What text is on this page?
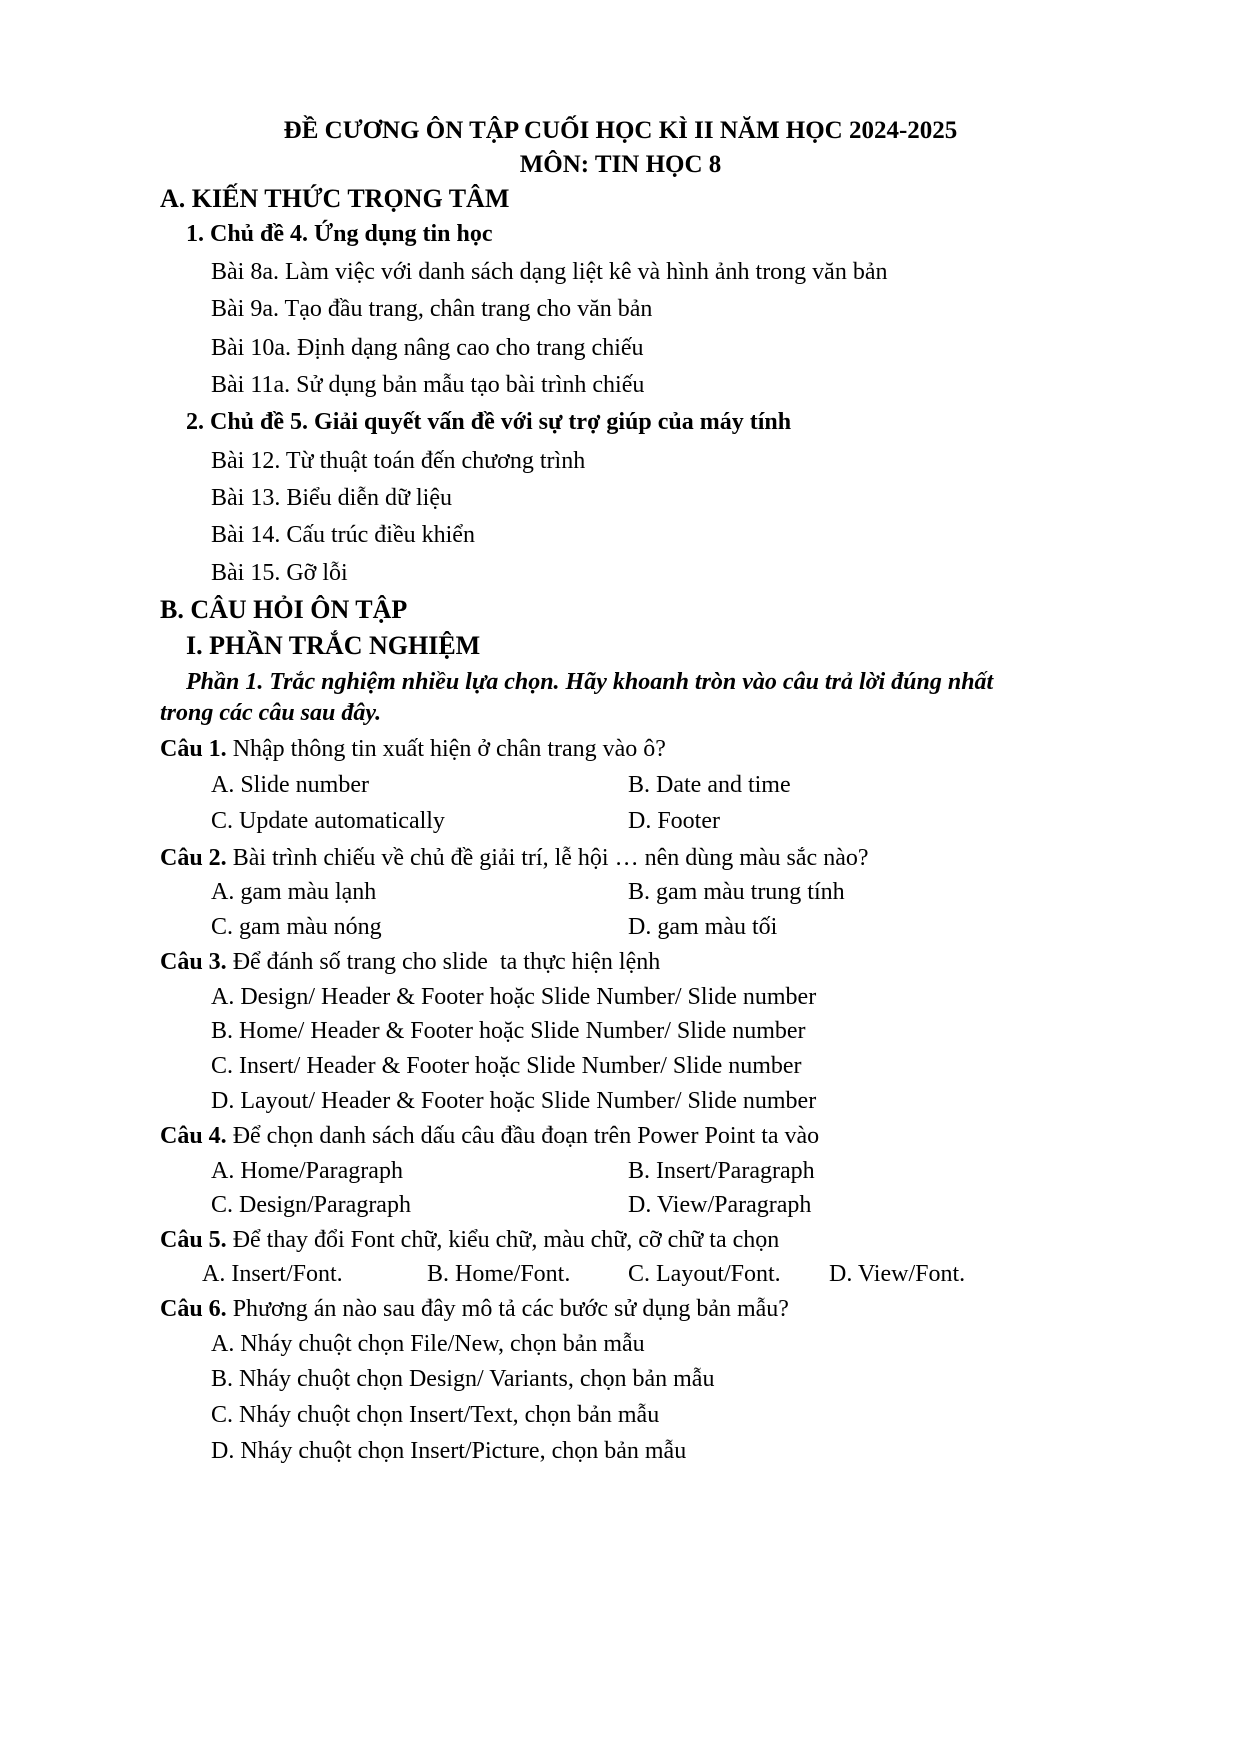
ĐỀ CƯƠNG ÔN TẬP CUỐI HỌC KÌ II NĂM HỌC 2024-2025
MÔN: TIN HỌC 8
A. KIẾN THỨC TRỌNG TÂM
1. Chủ đề 4. Ứng dụng tin học
Bài 8a. Làm việc với danh sách dạng liệt kê và hình ảnh trong văn bản
Bài 9a. Tạo đầu trang, chân trang cho văn bản
Bài 10a. Định dạng nâng cao cho trang chiếu
Bài 11a. Sử dụng bản mẫu tạo bài trình chiếu
2. Chủ đề 5. Giải quyết vấn đề với sự trợ giúp của máy tính
Bài 12. Từ thuật toán đến chương trình
Bài 13. Biểu diễn dữ liệu
Bài 14. Cấu trúc điều khiển
Bài 15. Gỡ lỗi
B. CÂU HỎI ÔN TẬP
I. PHẦN TRẮC NGHIỆM
Phần 1. Trắc nghiệm nhiều lựa chọn. Hãy khoanh tròn vào câu trả lời đúng nhất
trong các câu sau đây.
Câu 1. Nhập thông tin xuất hiện ở chân trang vào ô?
A. Slide number	B. Date and time
C. Update automatically	D. Footer
Câu 2. Bài trình chiếu về chủ đề giải trí, lễ hội … nên dùng màu sắc nào?
A. gam màu lạnh	B. gam màu trung tính
C. gam màu nóng	D. gam màu tối
Câu 3. Để đánh số trang cho slide  ta thực hiện lệnh
A. Design/ Header & Footer hoặc Slide Number/ Slide number
B. Home/ Header & Footer hoặc Slide Number/ Slide number
C. Insert/ Header & Footer hoặc Slide Number/ Slide number
D. Layout/ Header & Footer hoặc Slide Number/ Slide number
Câu 4. Để chọn danh sách dấu câu đầu đoạn trên Power Point ta vào
A. Home/Paragraph	B. Insert/Paragraph
C. Design/Paragraph	D. View/Paragraph
Câu 5. Để thay đổi Font chữ, kiểu chữ, màu chữ, cỡ chữ ta chọn
A. Insert/Font.	B. Home/Font. C. Layout/Font. D. View/Font.
Câu 6. Phương án nào sau đây mô tả các bước sử dụng bản mẫu?
A. Nháy chuột chọn File/New, chọn bản mẫu
B. Nháy chuột chọn Design/ Variants, chọn bản mẫu
C. Nháy chuột chọn Insert/Text, chọn bản mẫu
D. Nháy chuột chọn Insert/Picture, chọn bản mẫu
